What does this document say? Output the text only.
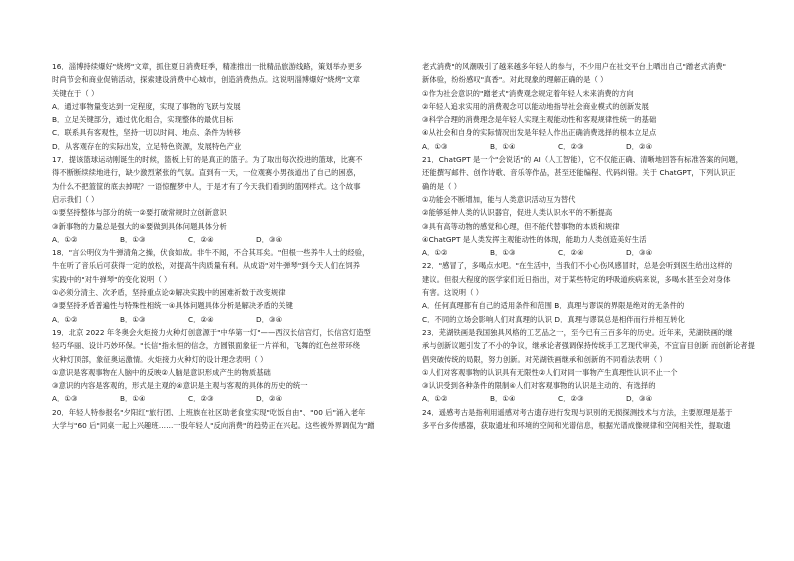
16．淄博持续爆好"烧烤"文章，抓住夏日消费旺季，精准推出一批精品旅游线路，策划举办更多
时尚节会和商业促销活动，探索建设消费中心城市，创造消费热点。这说明淄博爆好"烧烤"文章
关键在于（ ）
A．通过事物量变达到一定程度，实现了事物的飞跃与发展
B．立足关键部分，通过优化组合，实现整体的最优目标
C．联系具有客观性，坚持一切以时间、地点、条件为转移
D．从客观存在的实际出发，立足特色资源，发展特色产业
17．提该篮球运动刚诞生的时候，篮板上钉的是真正的篮子。为了取出每次投进的篮球，比赛不
得不断断续续地进行，缺少激烈紧张的气氛。直到有一天，一位观赛小男孩道出了自己的困惑，
为什么不把篮筐的底去掉呢？一语惊醒梦中人，于是才有了今天我们看到的篮网样式。这个故事
启示我们（ ）
①要坚持整体与部分的统一②要打破常规时立创新意识
③新事物的力量总是强大的④要做到具体问题具体分析
A．①②	B．①③	C．②④	D．③④
18．"言公明仪为牛弹清角之操，伏食如故。非牛不闻，不合其耳矣。"但根一些养牛人士的经验，
牛在听了音乐后可获得一定的放松，对提高牛肉质量有利。从成语"对牛弹琴"到今天人们在饲养
实践中的"对牛弹琴"的变化说明（ ）
①必须分清主、次矛盾，坚持重点论②解决实践中的困难祈数于改变规律
③要坚持矛盾普遍性与特殊性相统一④具体问题具体分析是解决矛盾的关键
A．①②	B．①③	C．②④	D．③④
19．北京 2022 年冬奥会火炬接力火种灯创意源于"中华第一灯"——西汉长信宫灯，长信宫灯造型
轻巧华丽、设计巧妙环保。"长信"指永恒的信念，方圆银面象征一片祥和，飞舞的红色丝带环绕
火种灯顶部，象征奥运激情。火炬接力火种灯的设计理念表明（ ）
①意识是客观事物在人脑中的反映②人脑是意识形成产生的物质基础
③意识的内容是客观的，形式是主观的④意识是主观与客观的具体的历史的统一
A．①③	B．①④	C．②③	D．②④
20．年轻人特参报名"夕阳红"旅行团、上班族在社区助老食堂实现"吃饭自由"、"00 后"涌入老年
大学与"60 后"同桌一起上兴趣班……一股年轻人"反向消费"的趋势正在兴起。这些被外界调侃为"蹭
老式消费"的风潮吸引了越来越多年轻人的参与，不少用户在社交平台上晒出自己"蹭老式消费"
新体验，纷纷感叹"真香"。对此现象的理解正确的是（ ）
①作为社会意识的"蹭老式"消费观念规定着年轻人未来消费的方向
②年轻人追求实用的消费观念可以能动地指导社会商业模式的创新发展
③科学合理的消费理念是年轻人实现主观能动性和客观规律性统一的基础
④从社会和自身的实际情况出发是年轻人作出正确消费选择的根本立足点
A．①③	B．①④	C．②③	D．②④
21．ChatGPT 是一个"会说话"的 AI（人工智能），它不仅能正确、清晰地回答有标准答案的问题，
还能撰写邮件、创作诗歌、音乐等作品，甚至还能编程、代码纠错。关于 ChatGPT，下列认识正
确的是（ ）
①功能会不断增加，能与人类意识活动互为替代
②能够延伸人类的认识器官，促进人类认识水平的不断提高
③具有高等动物的感觉和心理，但不能代替事物的本质和规律
④ChatGPT 是人类发挥主观能动性的体现，能助力人类创造美好生活
A．①②	B．①③	C．②④	D．③④
22．"感冒了，多喝点水吧。"在生活中，当我们不小心伤风感冒时，总是会听到医生给出这样的
建议。但很大程度的医学家们近日指出，对于某些特定的呼吸道疾病来说，多喝水甚至会对身体
有害。这说明（ ）
A．任何真理都有自己的适用条件和范围 B．真理与谬误的界限是绝对的无条件的
C．不同的立场会影响人们对真理的认识 D．真理与谬误总是相伴而行并相互转化
23．芜湖铁画是我国独具风格的工艺品之一，至今已有三百多年的历史。近年来，芜湖铁画的继
承与创新议题引发了不小的争议，继承论者强调保持传统手工艺现代审美，不宜盲目创新 而创新论者提
倡突破传统的局限，努力创新。对芜湖铁画继承和创新的不同看法表明（ ）
①人们对客观事物的认识具有无限性②人们对同一事物产生真理性认识不止一个
③认识受到各种条件的限制④人们对客观事物的认识是主动的、有选择的
A．①②	B．①④	C．②③	D．③④
24．遥感考古是指利用遥感对考古遗存进行发现与识别的无损探测技术与方法，主要原理是基于
多平台多传感器，获取遗址和环境的空间和光谱信息，根据光谱成像规律和空间相关性，提取遗
